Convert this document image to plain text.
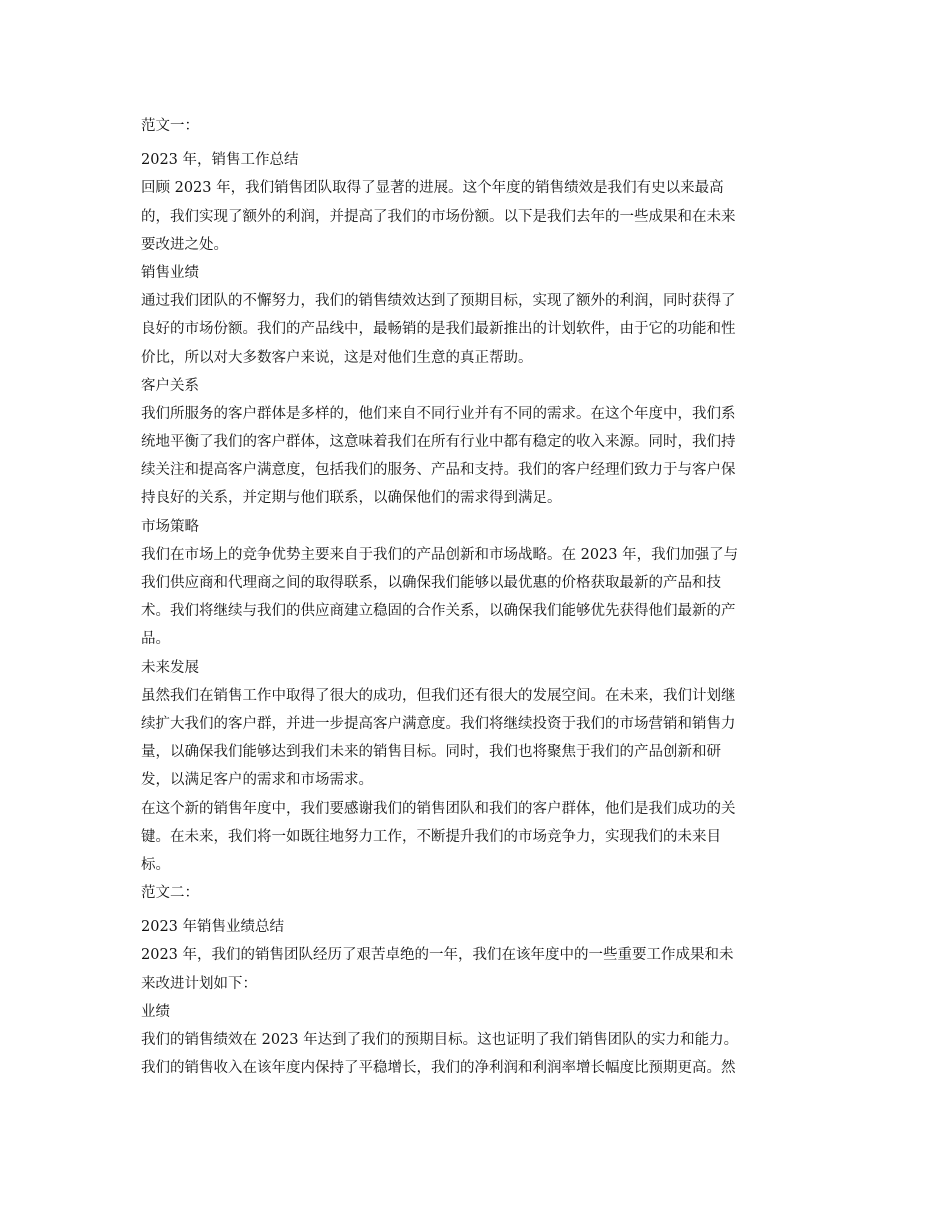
范文一：
2023 年，销售工作总结
回顾 2023 年，我们销售团队取得了显著的进展。这个年度的销售绩效是我们有史以来最高
的，我们实现了额外的利润，并提高了我们的市场份额。以下是我们去年的一些成果和在未来
要改进之处。
销售业绩
通过我们团队的不懈努力，我们的销售绩效达到了预期目标，实现了额外的利润，同时获得了
良好的市场份额。我们的产品线中，最畅销的是我们最新推出的计划软件，由于它的功能和性
价比，所以对大多数客户来说，这是对他们生意的真正帮助。
客户关系
我们所服务的客户群体是多样的，他们来自不同行业并有不同的需求。在这个年度中，我们系
统地平衡了我们的客户群体，这意味着我们在所有行业中都有稳定的收入来源。同时，我们持
续关注和提高客户满意度，包括我们的服务、产品和支持。我们的客户经理们致力于与客户保
持良好的关系，并定期与他们联系，以确保他们的需求得到满足。
市场策略
我们在市场上的竞争优势主要来自于我们的产品创新和市场战略。在 2023 年，我们加强了与
我们供应商和代理商之间的取得联系，以确保我们能够以最优惠的价格获取最新的产品和技
术。我们将继续与我们的供应商建立稳固的合作关系，以确保我们能够优先获得他们最新的产
品。
未来发展
虽然我们在销售工作中取得了很大的成功，但我们还有很大的发展空间。在未来，我们计划继
续扩大我们的客户群，并进一步提高客户满意度。我们将继续投资于我们的市场营销和销售力
量，以确保我们能够达到我们未来的销售目标。同时，我们也将聚焦于我们的产品创新和研
发，以满足客户的需求和市场需求。
在这个新的销售年度中，我们要感谢我们的销售团队和我们的客户群体，他们是我们成功的关
键。在未来，我们将一如既往地努力工作，不断提升我们的市场竞争力，实现我们的未来目
标。
范文二：
2023 年销售业绩总结
2023 年，我们的销售团队经历了艰苦卓绝的一年，我们在该年度中的一些重要工作成果和未
来改进计划如下：
业绩
我们的销售绩效在 2023 年达到了我们的预期目标。这也证明了我们销售团队的实力和能力。
我们的销售收入在该年度内保持了平稳增长，我们的净利润和利润率增长幅度比预期更高。然
